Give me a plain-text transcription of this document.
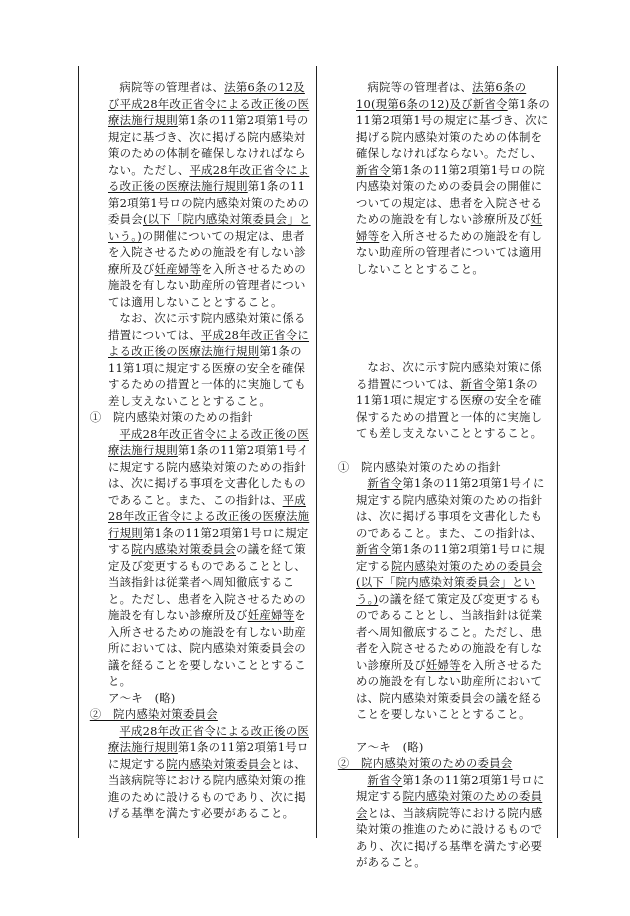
病院等の管理者は、法第6条の12及び平成28年改正省令による改正後の医療法施行規則第1条の11第2項第1号の規定に基づき、次に掲げる院内感染対策のための体制を確保しなければならない。ただし、平成28年改正省令による改正後の医療法施行規則第1条の11第2項第1号ロの院内感染対策のための委員会(以下「院内感染対策委員会」という。)の開催についての規定は、患者を入院させるための施設を有しない診療所及び妊産婦等を入所させるための施設を有しない助産所の管理者については適用しないこととすること。

なお、次に示す院内感染対策に係る措置については、平成28年改正省令による改正後の医療法施行規則第1条の11第1項に規定する医療の安全を確保するための措置と一体的に実施しても差し支えないこととすること。

①　院内感染対策のための指針

平成28年改正省令による改正後の医療法施行規則第1条の11第2項第1号イに規定する院内感染対策のための指針は、次に掲げる事項を文書化したものであること。また、この指針は、平成28年改正省令による改正後の医療法施行規則第1条の11第2項第1号ロに規定する院内感染対策委員会の議を経て策定及び変更するものであることとし、当該指針は従業者へ周知徹底すること。ただし、患者を入院させるための施設を有しない診療所及び妊産婦等を入所させるための施設を有しない助産所においては、院内感染対策委員会の議を経ることを要しないこととすること。

ア～キ　(略)

②　院内感染対策委員会

平成28年改正省令による改正後の医療法施行規則第1条の11第2項第1号ロに規定する院内感染対策委員会とは、当該病院等における院内感染対策の推進のために設けるものであり、次に掲げる基準を満たす必要があること。

病院等の管理者は、法第6条の10(現第6条の12)及び新省令第1条の11第2項第1号の規定に基づき、次に掲げる院内感染対策のための体制を確保しなければならない。ただし、新省令第1条の11第2項第1号ロの院内感染対策のための委員会の開催についての規定は、患者を入院させるための施設を有しない診療所及び妊婦等を入所させるための施設を有しない助産所の管理者については適用しないこととすること。

なお、次に示す院内感染対策に係る措置については、新省令第1条の11第1項に規定する医療の安全を確保するための措置と一体的に実施しても差し支えないこととすること。

①　院内感染対策のための指針

新省令第1条の11第2項第1号イに規定する院内感染対策のための指針は、次に掲げる事項を文書化したものであること。また、この指針は、新省令第1条の11第2項第1号ロに規定する院内感染対策のための委員会(以下「院内感染対策委員会」という。)の議を経て策定及び変更するものであることとし、当該指針は従業者へ周知徹底すること。ただし、患者を入院させるための施設を有しない診療所及び妊婦等を入所させるための施設を有しない助産所においては、院内感染対策委員会の議を経ることを要しないこととすること。

ア～キ　(略)

②　院内感染対策のための委員会

新省令第1条の11第2項第1号ロに規定する院内感染対策のための委員会とは、当該病院等における院内感染対策の推進のために設けるものであり、次に掲げる基準を満たす必要があること。
